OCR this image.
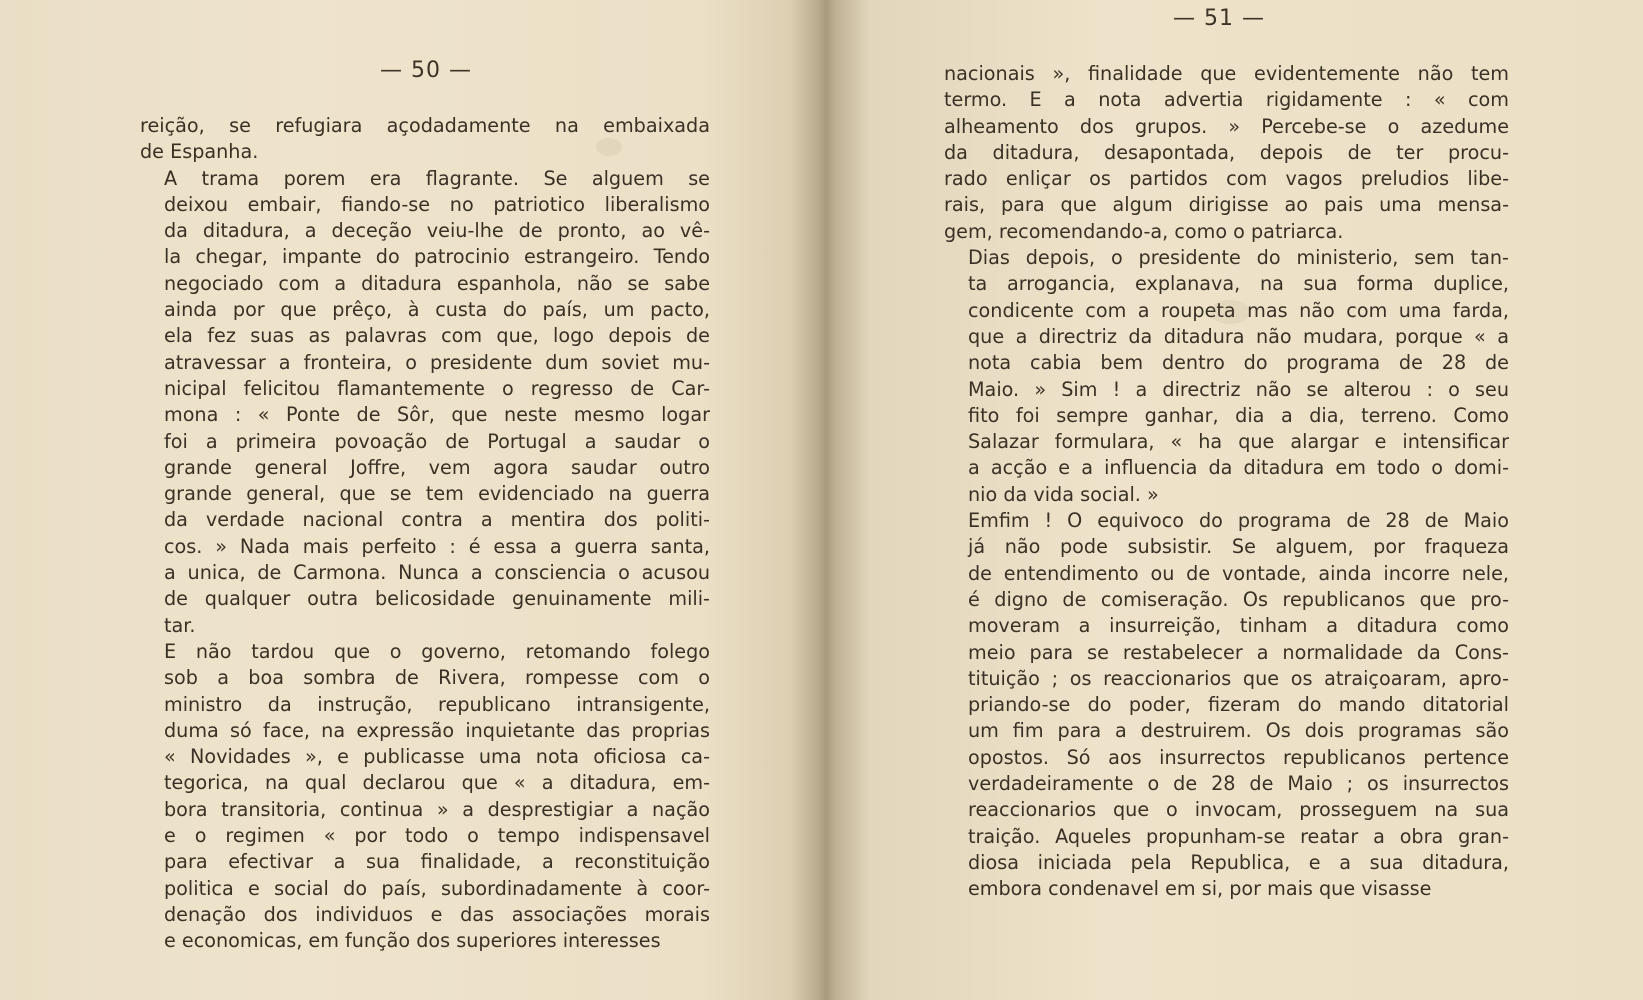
— 50 —
reição, se refugiara açodadamente na embaixada
de Espanha.
A trama porem era flagrante. Se alguem se
deixou embair, fiando-se no patriotico liberalismo
da ditadura, a deceção veiu-lhe de pronto, ao vê-
la chegar, impante do patrocinio estrangeiro. Tendo
negociado com a ditadura espanhola, não se sabe
ainda por que prêço, à custa do país, um pacto,
ela fez suas as palavras com que, logo depois de
atravessar a fronteira, o presidente dum soviet mu-
nicipal felicitou flamantemente o regresso de Car-
mona : « Ponte de Sôr, que neste mesmo logar
foi a primeira povoação de Portugal a saudar o
grande general Joffre, vem agora saudar outro
grande general, que se tem evidenciado na guerra
da verdade nacional contra a mentira dos politi-
cos. » Nada mais perfeito : é essa a guerra santa,
a unica, de Carmona. Nunca a consciencia o acusou
de qualquer outra belicosidade genuinamente mili-
tar.
E não tardou que o governo, retomando folego
sob a boa sombra de Rivera, rompesse com o
ministro da instrução, republicano intransigente,
duma só face, na expressão inquietante das proprias
« Novidades », e publicasse uma nota oficiosa ca-
tegorica, na qual declarou que « a ditadura, em-
bora transitoria, continua » a desprestigiar a nação
e o regimen « por todo o tempo indispensavel
para efectivar a sua finalidade, a reconstituição
politica e social do país, subordinadamente à coor-
denação dos individuos e das associações morais
e economicas, em função dos superiores interesses
— 51 —
nacionais », finalidade que evidentemente não tem
termo. E a nota advertia rigidamente : « com
alheamento dos grupos. » Percebe-se o azedume
da ditadura, desapontada, depois de ter procu-
rado enliçar os partidos com vagos preludios libe-
rais, para que algum dirigisse ao pais uma mensa-
gem, recomendando-a, como o patriarca.
Dias depois, o presidente do ministerio, sem tan-
ta arrogancia, explanava, na sua forma duplice,
condicente com a roupeta mas não com uma farda,
que a directriz da ditadura não mudara, porque « a
nota cabia bem dentro do programa de 28 de
Maio. » Sim ! a directriz não se alterou : o seu
fito foi sempre ganhar, dia a dia, terreno. Como
Salazar formulara, « ha que alargar e intensificar
a acção e a influencia da ditadura em todo o domi-
nio da vida social. »
Emfim ! O equivoco do programa de 28 de Maio
já não pode subsistir. Se alguem, por fraqueza
de entendimento ou de vontade, ainda incorre nele,
é digno de comiseração. Os republicanos que pro-
moveram a insurreição, tinham a ditadura como
meio para se restabelecer a normalidade da Cons-
tituição ; os reaccionarios que os atraiçoaram, apro-
priando-se do poder, fizeram do mando ditatorial
um fim para a destruirem. Os dois programas são
opostos. Só aos insurrectos republicanos pertence
verdadeiramente o de 28 de Maio ; os insurrectos
reaccionarios que o invocam, prosseguem na sua
traição. Aqueles propunham-se reatar a obra gran-
diosa iniciada pela Republica, e a sua ditadura,
embora condenavel em si, por mais que visasse
